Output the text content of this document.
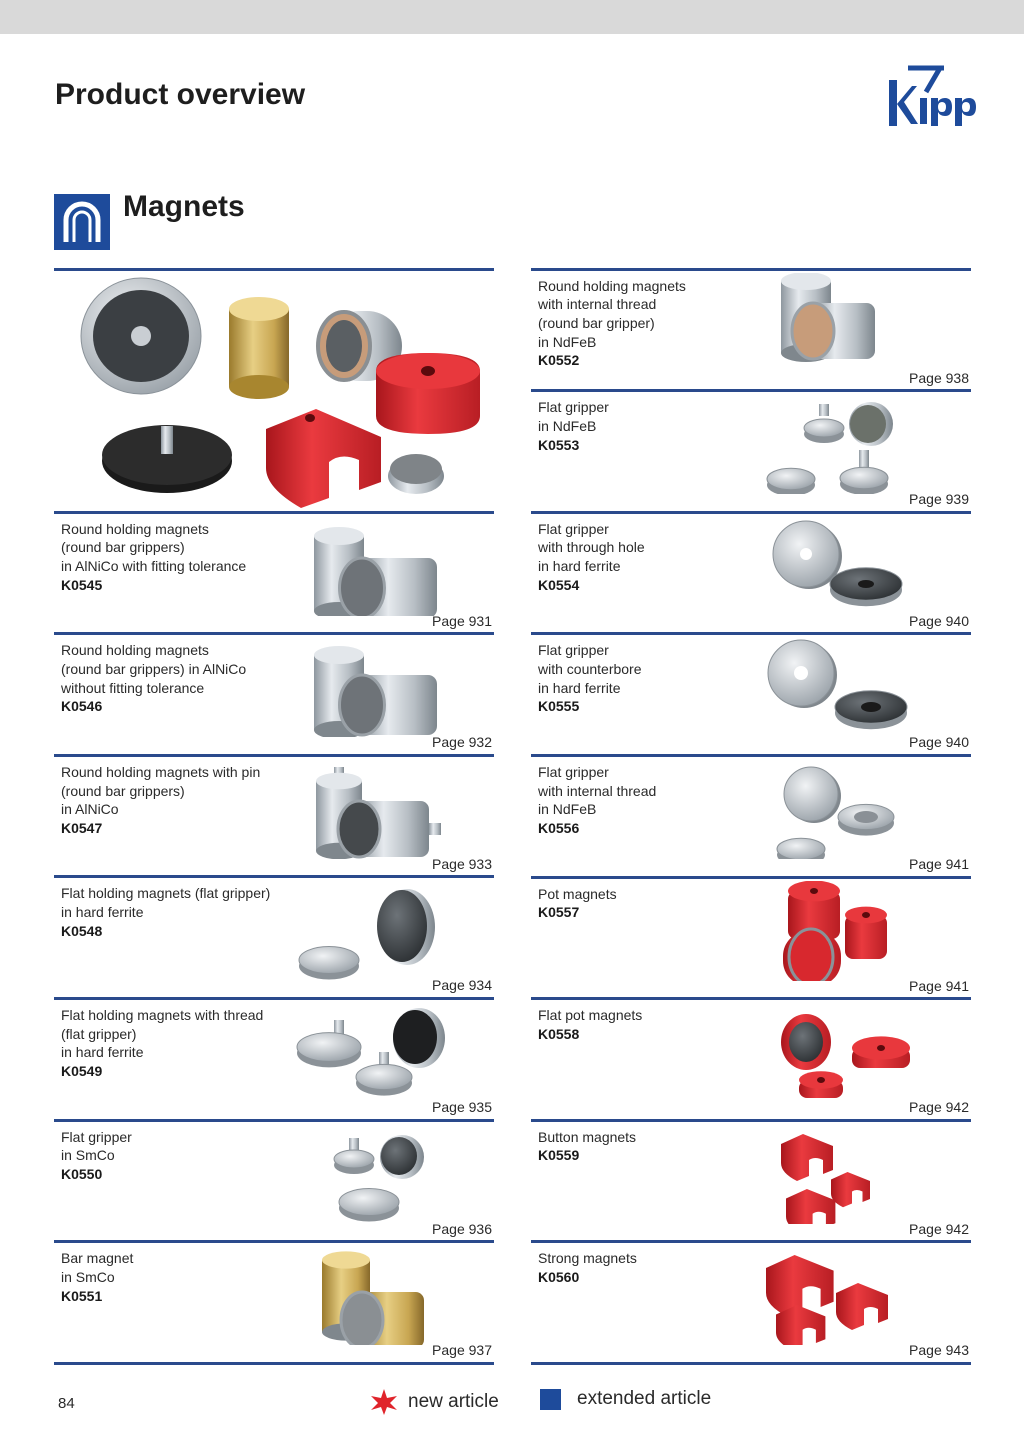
Product overview
Magnets
Round holding magnets
(round bar grippers)
in AlNiCo with fitting tolerance
K0545
Page 931
Round holding magnets
(round bar grippers) in AlNiCo
without fitting tolerance
K0546
Page 932
Round holding magnets with pin
(round bar grippers)
in AlNiCo
K0547
Page 933
Flat holding magnets (flat gripper)
in hard ferrite
K0548
Page 934
Flat holding magnets with thread
(flat gripper)
in hard ferrite
K0549
Page 935
Flat gripper
in SmCo
K0550
Page 936
Bar magnet
in SmCo
K0551
Page 937
Round holding magnets
with internal thread
(round bar gripper)
in NdFeB
K0552
Page 938
Flat gripper
in NdFeB
K0553
Page 939
Flat gripper
with through hole
in hard ferrite
K0554
Page 940
Flat gripper
with counterbore
in hard ferrite
K0555
Page 940
Flat gripper
with internal thread
in NdFeB
K0556
Page 941
Pot magnets
K0557
Page 941
Flat pot magnets
K0558
Page 942
Button magnets
K0559
Page 942
Strong magnets
K0560
Page 943
84	new article	extended article
